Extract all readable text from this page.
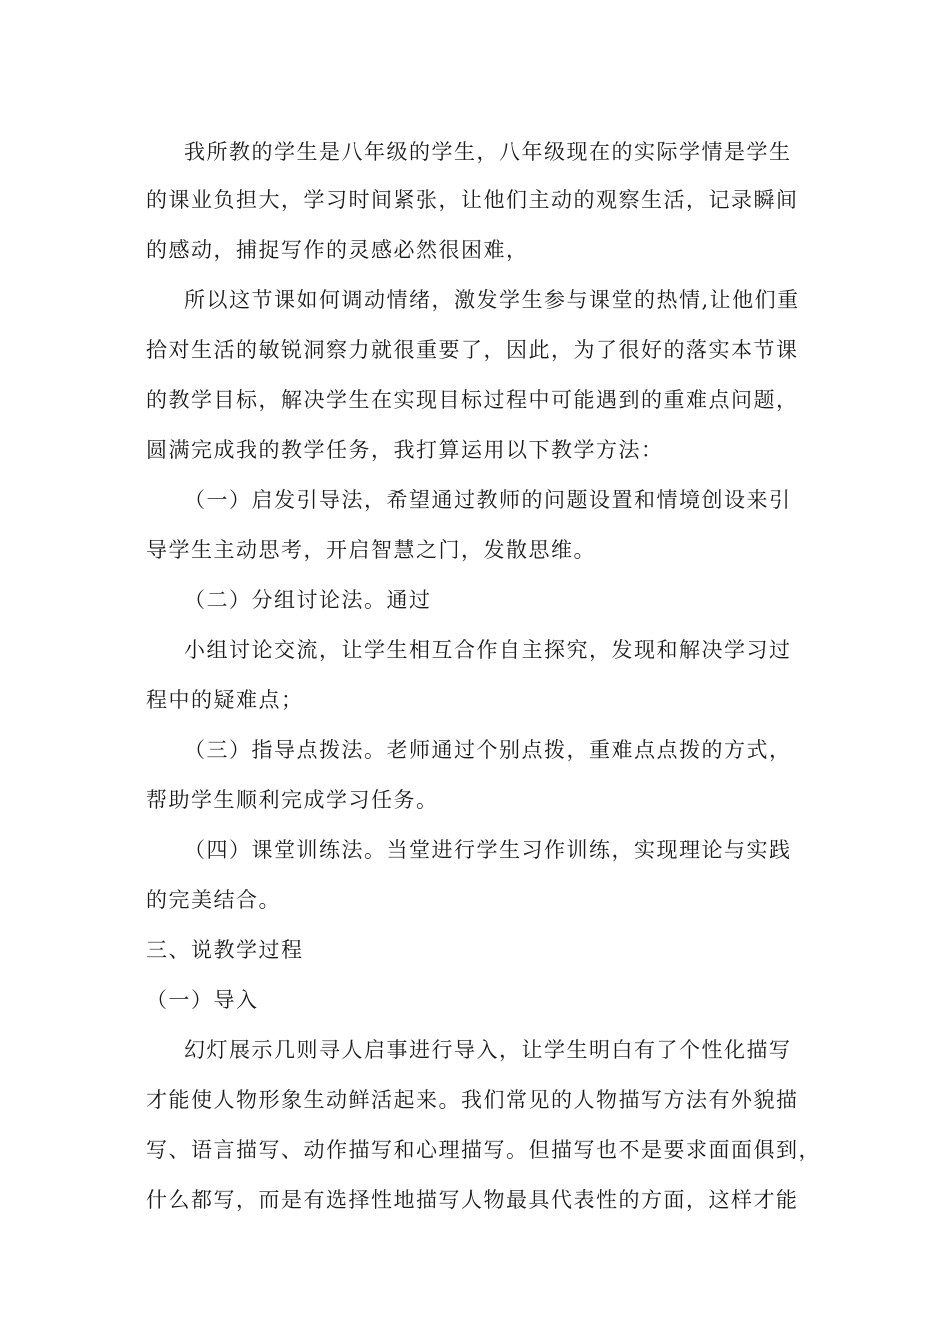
我所教的学生是八年级的学生，八年级现在的实际学情是学生
的课业负担大，学习时间紧张，让他们主动的观察生活，记录瞬间
的感动，捕捉写作的灵感必然很困难，
所以这节课如何调动情绪，激发学生参与课堂的热情,让他们重
拾对生活的敏锐洞察力就很重要了，因此，为了很好的落实本节课
的教学目标，解决学生在实现目标过程中可能遇到的重难点问题，
圆满完成我的教学任务，我打算运用以下教学方法：
（一）启发引导法，希望通过教师的问题设置和情境创设来引
导学生主动思考，开启智慧之门，发散思维。
（二）分组讨论法。通过
小组讨论交流，让学生相互合作自主探究，发现和解决学习过
程中的疑难点；
（三）指导点拨法。老师通过个别点拨，重难点点拨的方式，
帮助学生顺利完成学习任务。
（四）课堂训练法。当堂进行学生习作训练，实现理论与实践
的完美结合。
三、说教学过程
（一）导入
幻灯展示几则寻人启事进行导入，让学生明白有了个性化描写
才能使人物形象生动鲜活起来。我们常见的人物描写方法有外貌描
写、语言描写、动作描写和心理描写。但描写也不是要求面面俱到，
什么都写，而是有选择性地描写人物最具代表性的方面，这样才能
